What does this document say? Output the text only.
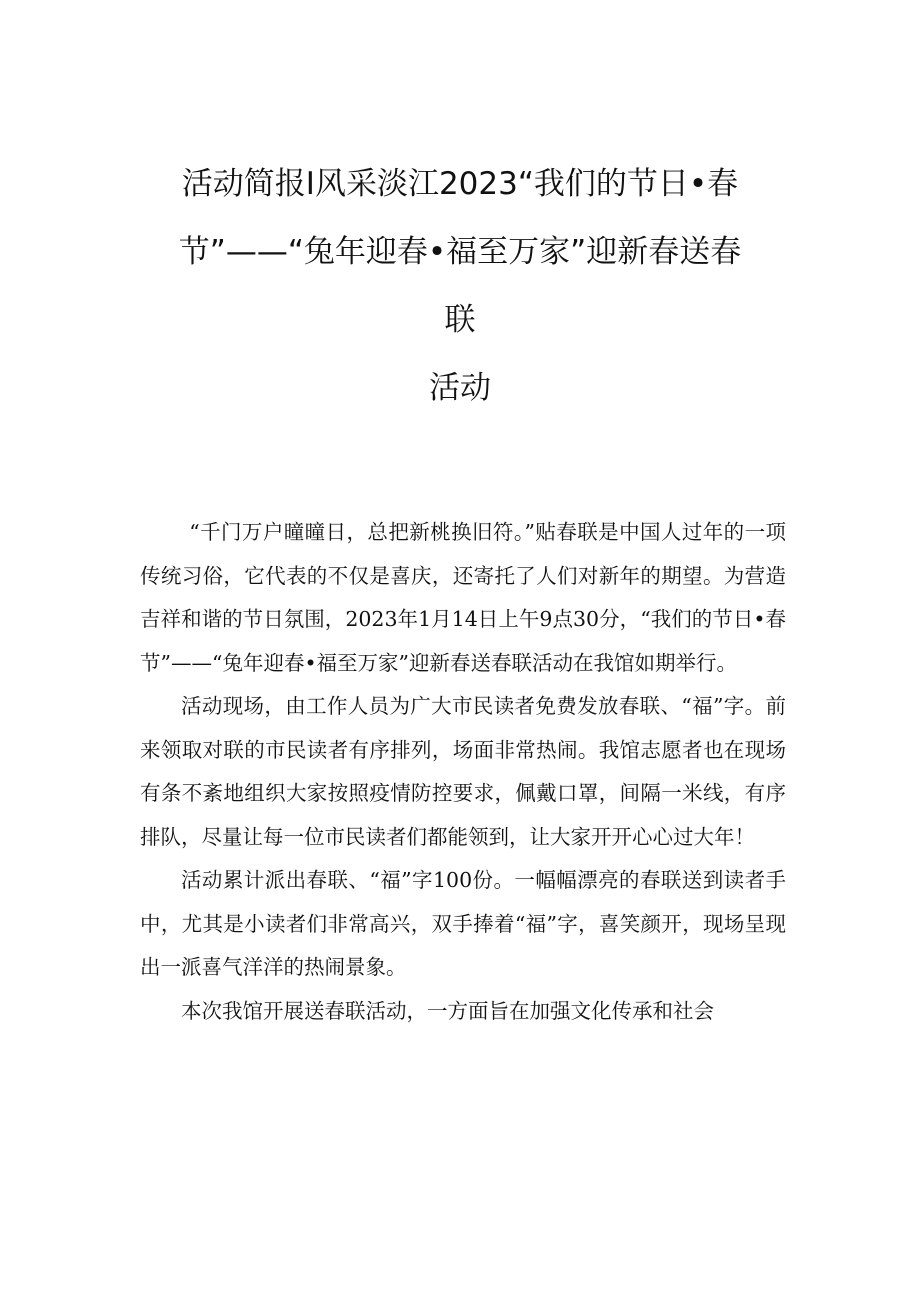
活动简报I风采淡江2023“我们的节日•春
节”——“兔年迎春•福至万家”迎新春送春
联
活动

“千门万户曈曈日，总把新桃换旧符。”贴春联是中国人过年的一项传统习俗，它代表的不仅是喜庆，还寄托了人们对新年的期望。为营造吉祥和谐的节日氛围，2023年1月14日上午9点30分，“我们的节日•春节”——“兔年迎春•福至万家”迎新春送春联活动在我馆如期举行。

活动现场，由工作人员为广大市民读者免费发放春联、“福”字。前来领取对联的市民读者有序排列，场面非常热闹。我馆志愿者也在现场有条不紊地组织大家按照疫情防控要求，佩戴口罩，间隔一米线，有序排队，尽量让每一位市民读者们都能领到，让大家开开心心过大年！

活动累计派出春联、“福”字100份。一幅幅漂亮的春联送到读者手中，尤其是小读者们非常高兴，双手捧着“福”字，喜笑颜开，现场呈现出一派喜气洋洋的热闹景象。

本次我馆开展送春联活动，一方面旨在加强文化传承和社会
